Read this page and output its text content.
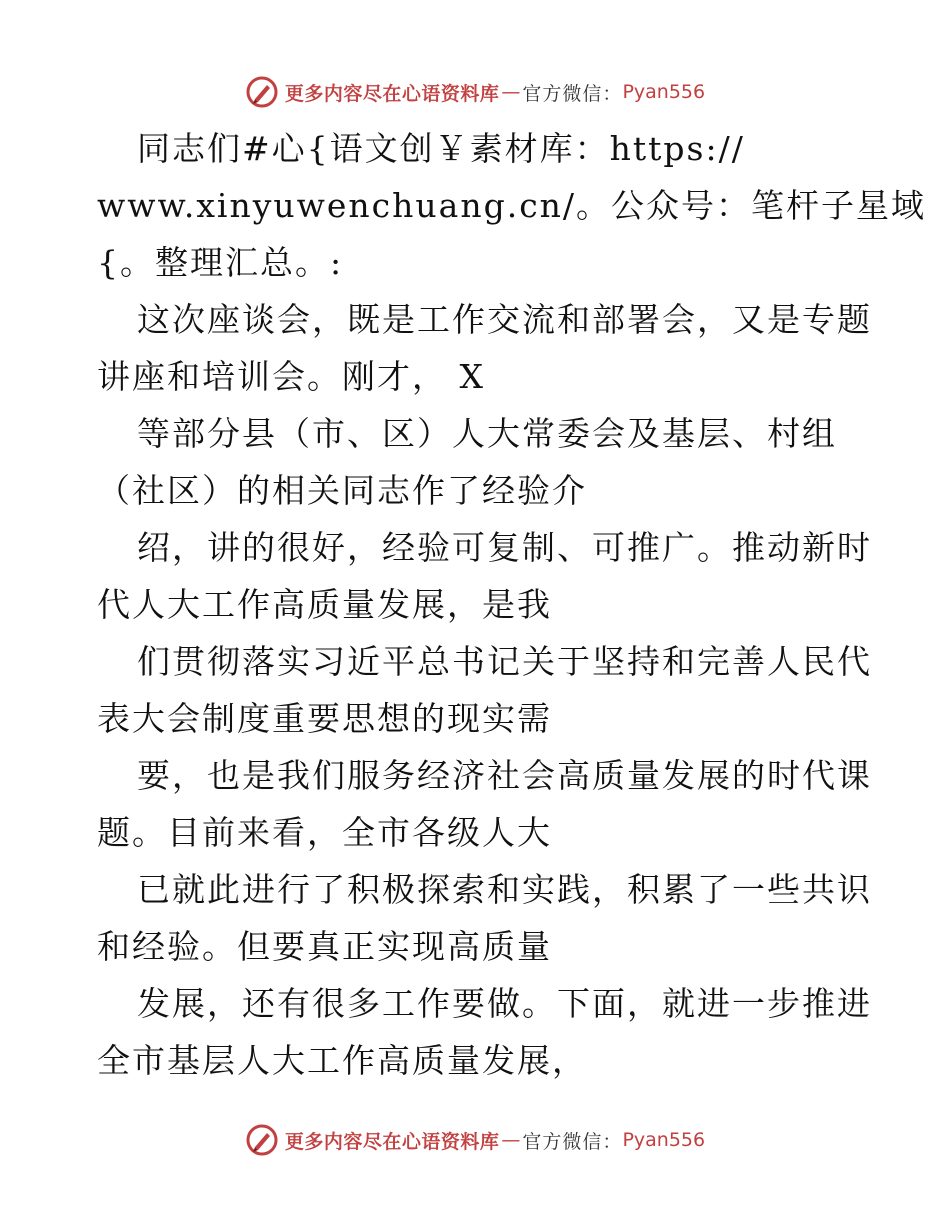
更多内容尽在心语资料库 — 官方微信： Pyan556
同志们#心{语文创￥素材库：https://
www.xinyuwenchuang.cn/。公众号：笔杆子星域
{。整理汇总。:
这次座谈会，既是工作交流和部署会，又是专题
讲座和培训会。刚才， X
等部分县（市、区）人大常委会及基层、村组
（社区）的相关同志作了经验介
绍，讲的很好，经验可复制、可推广。推动新时
代人大工作高质量发展，是我
们贯彻落实习近平总书记关于坚持和完善人民代
表大会制度重要思想的现实需
要，也是我们服务经济社会高质量发展的时代课
题。目前来看，全市各级人大
已就此进行了积极探索和实践，积累了一些共识
和经验。但要真正实现高质量
发展，还有很多工作要做。下面，就进一步推进
全市基层人大工作高质量发展，
更多内容尽在心语资料库 — 官方微信： Pyan556
